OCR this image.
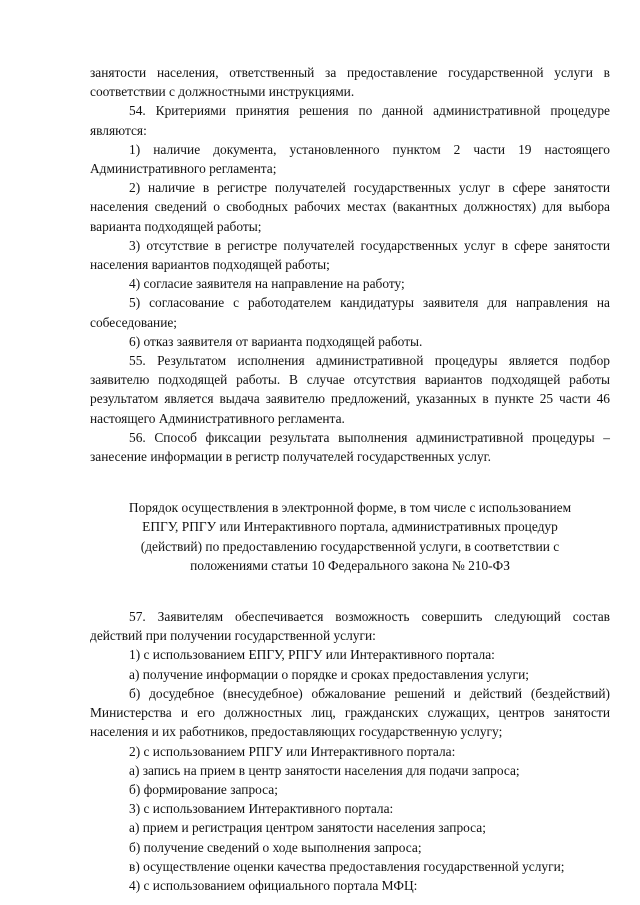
занятости населения, ответственный за предоставление государственной услуги в соответствии с должностными инструкциями.

54. Критериями принятия решения по данной административной процедуре являются:

1) наличие документа, установленного пунктом 2 части 19 настоящего Административного регламента;

2) наличие в регистре получателей государственных услуг в сфере занятости населения сведений о свободных рабочих местах (вакантных должностях) для выбора варианта подходящей работы;

3) отсутствие в регистре получателей государственных услуг в сфере занятости населения вариантов подходящей работы;

4) согласие заявителя на направление на работу;

5) согласование с работодателем кандидатуры заявителя для направления на собеседование;

6) отказ заявителя от варианта подходящей работы.

55. Результатом исполнения административной процедуры является подбор заявителю подходящей работы. В случае отсутствия вариантов подходящей работы результатом является выдача заявителю предложений, указанных в пункте 25 части 46 настоящего Административного регламента.

56. Способ фиксации результата выполнения административной процедуры – занесение информации в регистр получателей государственных услуг.

Порядок осуществления в электронной форме, в том числе с использованием
ЕПГУ, РПГУ или Интерактивного портала, административных процедур
(действий) по предоставлению государственной услуги, в соответствии с
положениями статьи 10 Федерального закона № 210-ФЗ

57. Заявителям обеспечивается возможность совершить следующий состав действий при получении государственной услуги:

1) с использованием ЕПГУ, РПГУ или Интерактивного портала:

а) получение информации о порядке и сроках предоставления услуги;

б) досудебное (внесудебное) обжалование решений и действий (бездействий) Министерства и его должностных лиц, гражданских служащих, центров занятости населения и их работников, предоставляющих государственную услугу;

2) с использованием РПГУ или Интерактивного портала:

а) запись на прием в центр занятости населения для подачи запроса;

б) формирование запроса;

3) с использованием Интерактивного портала:

а) прием и регистрация центром занятости населения запроса;

б) получение сведений о ходе выполнения запроса;

в) осуществление оценки качества предоставления государственной услуги;

4) с использованием официального портала МФЦ:
